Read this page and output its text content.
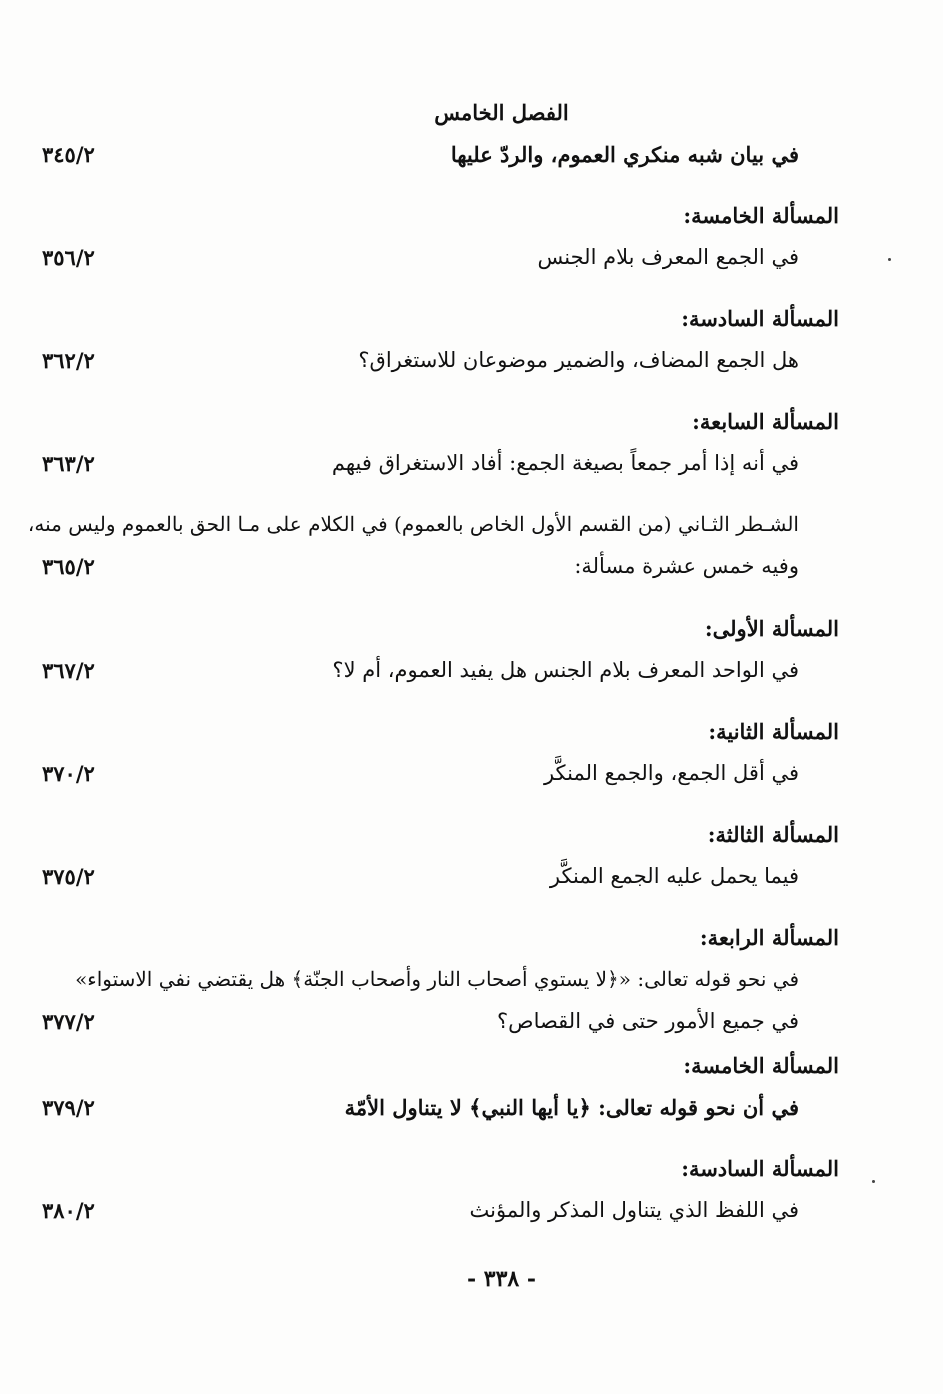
الفصل الخامس
في بيان شبه منكري العموم، والردّ عليها
٣٤٥/٢
المسألة الخامسة:
في الجمع المعرف بلام الجنس
٣٥٦/٢
المسألة السادسة:
هل الجمع المضاف، والضمير موضوعان للاستغراق؟
٣٦٢/٢
المسألة السابعة:
في أنه إذا أمر جمعاً بصيغة الجمع: أفاد الاستغراق فيهم
٣٦٣/٢
الشـطر الثـاني (من القسم الأول الخاص بالعموم) في الكلام على مـا الحق بالعموم وليس منه،
وفيه خمس عشرة مسألة:
٣٦٥/٢
المسألة الأولى:
في الواحد المعرف بلام الجنس هل يفيد العموم، أم لا؟
٣٦٧/٢
المسألة الثانية:
في أقل الجمع، والجمع المنكَّر
٣٧٠/٢
المسألة الثالثة:
فيما يحمل عليه الجمع المنكَّر
٣٧٥/٢
المسألة الرابعة:
في نحو قوله تعالى: «﴿لا يستوي أصحاب النار وأصحاب الجنّة﴾ هل يقتضي نفي الاستواء»
في جميع الأمور حتى في القصاص؟
٣٧٧/٢
المسألة الخامسة:
في أن نحو قوله تعالى: ﴿يا أيها النبي﴾ لا يتناول الأمّة
٣٧٩/٢
المسألة السادسة:
في اللفظ الذي يتناول المذكر والمؤنث
٣٨٠/٢
- ٣٣٨ -
